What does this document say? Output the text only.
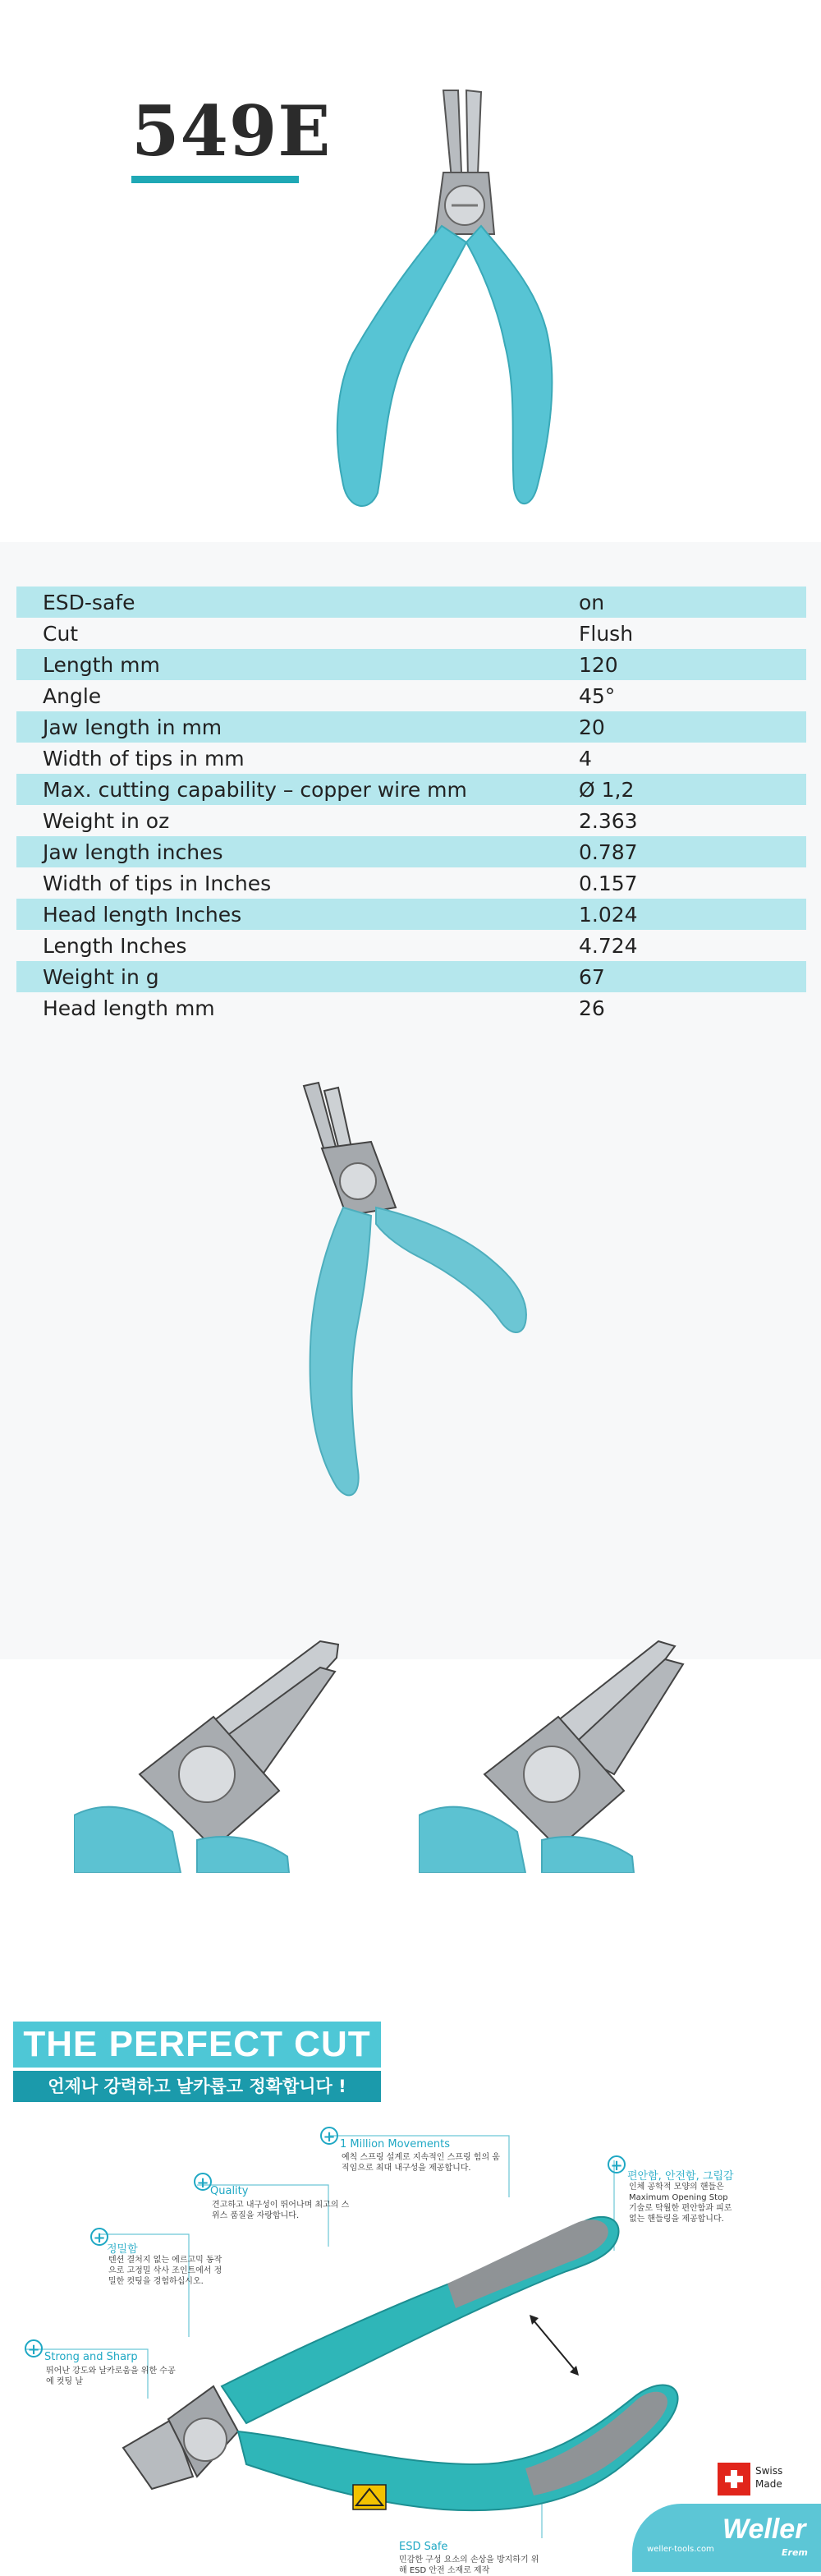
549E
ESD-safe	on
Cut	Flush
Length mm	120
Angle	45°
Jaw length in mm	20
Width of tips in mm	4
Max. cutting capability – copper wire mm	Ø 1,2
Weight in oz	2.363
Jaw length inches	0.787
Width of tips in Inches	0.157
Head length Inches	1.024
Length Inches	4.724
Weight in g	67
Head length mm	26
THE PERFECT CUT
언제나 강력하고 날카롭고 정확합니다 !
+ 1 Million Movements
예칙 스프링 설계로 지속적인 스프링 힘의 움직임으로 최대 내구성을 제공합니다.
+ Quality
견고하고 내구성이 뛰어나며 최고의 스위스 품질을 자랑합니다.
+
정밀함
텐션 결처지 없는 에르고믹 동작으로 고정밀 삭사 조인트에서 정밀한 컷팅을 경험하십시오.
+ Strong and Sharp
뛰어난 강도와 날카로움을 위한 수공예 컷팅 날
+
편안함, 안전함, 그립감
인체 공학적 모양의 핸들은 Maximum Opening Stop 기술로 탁월한 편안함과 피로 없는 핸들링을 제공합니다.
ESD Safe
민감한 구성 요소의 손상을 방지하기 위해 ESD 안전 소재로 제작
Swiss
Made
weller-tools.com
Weller
Erem
